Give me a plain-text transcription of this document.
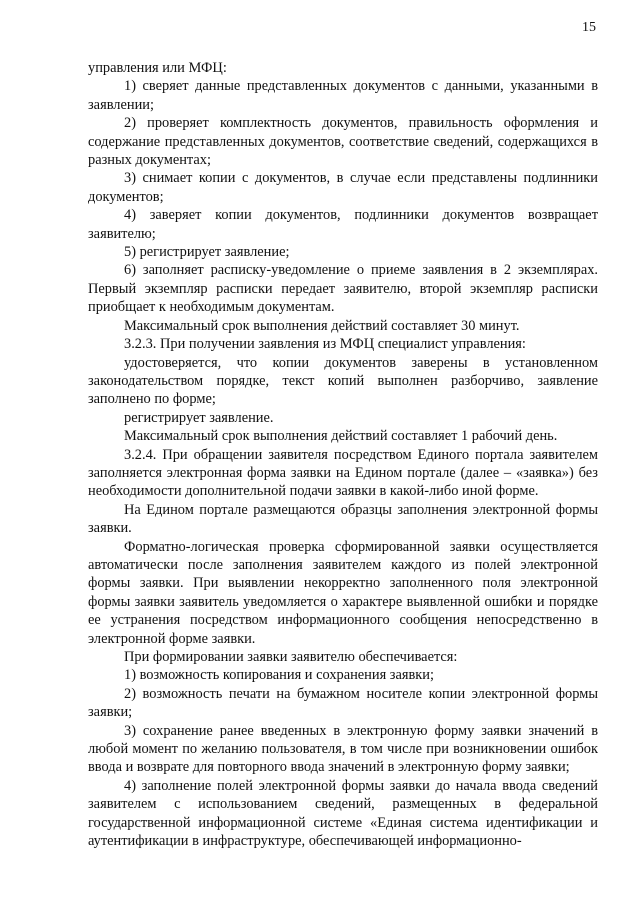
15

управления или МФЦ:

1) сверяет данные представленных документов с данными, указанными в заявлении;

2) проверяет комплектность документов, правильность оформления и содержание представленных документов, соответствие сведений, содержащихся в разных документах;

3) снимает копии с документов, в случае если представлены подлинники документов;

4) заверяет копии документов, подлинники документов возвращает заявителю;

5) регистрирует заявление;

6) заполняет расписку-уведомление о приеме заявления в 2 экземплярах. Первый экземпляр расписки передает заявителю, второй экземпляр расписки приобщает к необходимым документам.

Максимальный срок выполнения действий составляет 30 минут.

3.2.3. При получении заявления из МФЦ специалист управления:

удостоверяется, что копии документов заверены в установленном законодательством порядке, текст копий выполнен разборчиво, заявление заполнено по форме;

регистрирует заявление.

Максимальный срок выполнения действий составляет 1 рабочий день.

3.2.4. При обращении заявителя посредством Единого портала заявителем заполняется электронная форма заявки на Едином портале (далее – «заявка») без необходимости дополнительной подачи заявки в какой-либо иной форме.

На Едином портале размещаются образцы заполнения электронной формы заявки.

Форматно-логическая проверка сформированной заявки осуществляется автоматически после заполнения заявителем каждого из полей электронной формы заявки. При выявлении некорректно заполненного поля электронной формы заявки заявитель уведомляется о характере выявленной ошибки и порядке ее устранения посредством информационного сообщения непосредственно в электронной форме заявки.

При формировании заявки заявителю обеспечивается:

1) возможность копирования и сохранения заявки;

2) возможность печати на бумажном носителе копии электронной формы заявки;

3) сохранение ранее введенных в электронную форму заявки значений в любой момент по желанию пользователя, в том числе при возникновении ошибок ввода и возврате для повторного ввода значений в электронную форму заявки;

4) заполнение полей электронной формы заявки до начала ввода сведений заявителем с использованием сведений, размещенных в федеральной государственной информационной системе «Единая система идентификации и аутентификации в инфраструктуре, обеспечивающей информационно-
